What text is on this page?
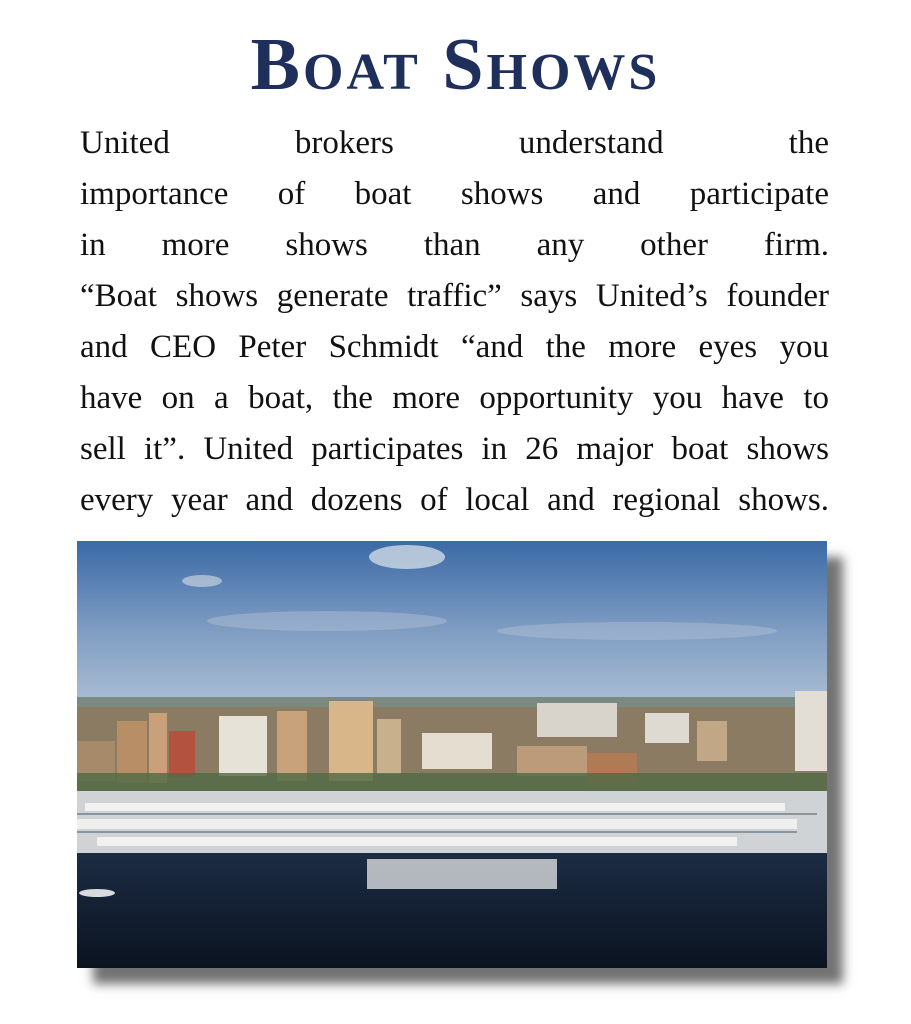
Boat Shows
United brokers understand the
importance of boat shows and participate
in more shows than any other firm.
“Boat shows generate traffic” says United’s founder
and CEO Peter Schmidt “and the more eyes you
have on a boat, the more opportunity you have to
sell it”. United participates in 26 major boat shows
every year and dozens of local and regional shows.
